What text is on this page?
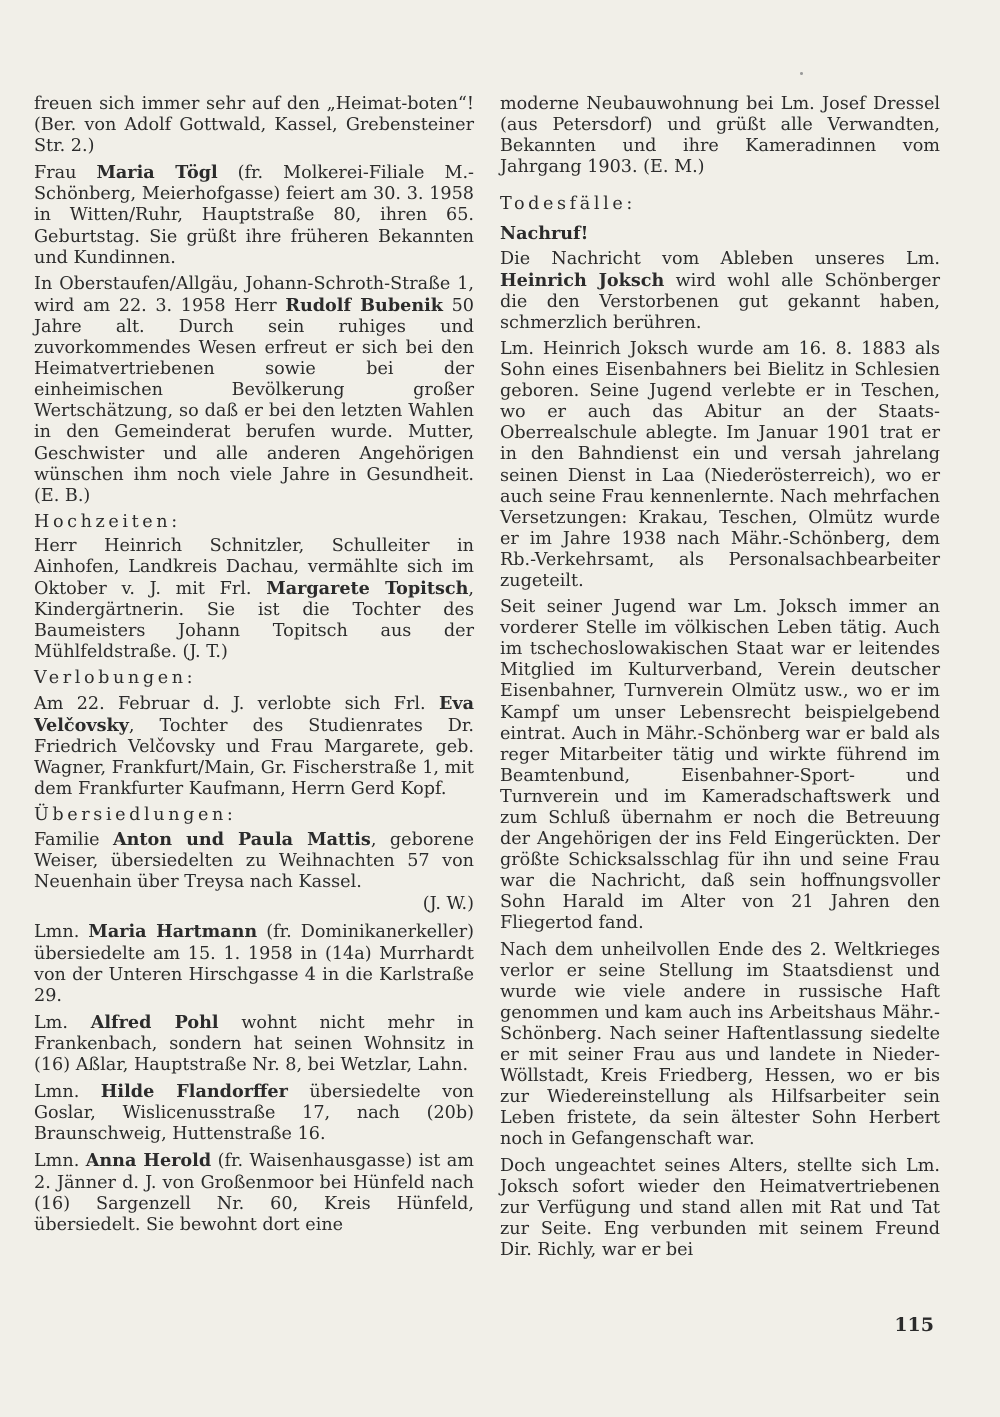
freuen sich immer sehr auf den „Heimat-boten“! (Ber. von Adolf Gottwald, Kassel, Grebensteiner Str. 2.)

Frau Maria Tögl (fr. Molkerei-Filiale M.-Schönberg, Meierhofgasse) feiert am 30. 3. 1958 in Witten/Ruhr, Hauptstraße 80, ihren 65. Geburtstag. Sie grüßt ihre früheren Bekannten und Kundinnen.

In Oberstaufen/Allgäu, Johann-Schroth-Straße 1, wird am 22. 3. 1958 Herr Rudolf Bubenik 50 Jahre alt. Durch sein ruhiges und zuvorkommendes Wesen erfreut er sich bei den Heimatvertriebenen sowie bei der einheimischen Bevölkerung großer Wertschätzung, so daß er bei den letzten Wahlen in den Gemeinderat berufen wurde. Mutter, Geschwister und alle anderen Angehörigen wünschen ihm noch viele Jahre in Gesundheit. (E. B.)

Hochzeiten:

Herr Heinrich Schnitzler, Schulleiter in Ainhofen, Landkreis Dachau, vermählte sich im Oktober v. J. mit Frl. Margarete Topitsch, Kindergärtnerin. Sie ist die Tochter des Baumeisters Johann Topitsch aus der Mühlfeldstraße. (J. T.)

Verlobungen:

Am 22. Februar d. J. verlobte sich Frl. Eva Velčovsky, Tochter des Studienrates Dr. Friedrich Velčovsky und Frau Margarete, geb. Wagner, Frankfurt/Main, Gr. Fischerstraße 1, mit dem Frankfurter Kaufmann, Herrn Gerd Kopf.

Übersiedlungen:

Familie Anton und Paula Mattis, geborene Weiser, übersiedelten zu Weihnachten 57 von Neuenhain über Treysa nach Kassel.

(J. W.)

Lmn. Maria Hartmann (fr. Dominikanerkeller) übersiedelte am 15. 1. 1958 in (14a) Murrhardt von der Unteren Hirschgasse 4 in die Karlstraße 29.

Lm. Alfred Pohl wohnt nicht mehr in Frankenbach, sondern hat seinen Wohnsitz in (16) Aßlar, Hauptstraße Nr. 8, bei Wetzlar, Lahn.

Lmn. Hilde Flandorffer übersiedelte von Goslar, Wislicenusstraße 17, nach (20b) Braunschweig, Huttenstraße 16.

Lmn. Anna Herold (fr. Waisenhausgasse) ist am 2. Jänner d. J. von Großenmoor bei Hünfeld nach (16) Sargenzell Nr. 60, Kreis Hünfeld, übersiedelt. Sie bewohnt dort eine

moderne Neubauwohnung bei Lm. Josef Dressel (aus Petersdorf) und grüßt alle Verwandten, Bekannten und ihre Kameradinnen vom Jahrgang 1903. (E. M.)

Todesfälle:

Nachruf!

Die Nachricht vom Ableben unseres Lm. Heinrich Joksch wird wohl alle Schönberger die den Verstorbenen gut gekannt haben, schmerzlich berühren.

Lm. Heinrich Joksch wurde am 16. 8. 1883 als Sohn eines Eisenbahners bei Bielitz in Schlesien geboren. Seine Jugend verlebte er in Teschen, wo er auch das Abitur an der Staats-Oberrealschule ablegte. Im Januar 1901 trat er in den Bahndienst ein und versah jahrelang seinen Dienst in Laa (Niederösterreich), wo er auch seine Frau kennenlernte. Nach mehrfachen Versetzungen: Krakau, Teschen, Olmütz wurde er im Jahre 1938 nach Mähr.-Schönberg, dem Rb.-Verkehrsamt, als Personalsachbearbeiter zugeteilt.

Seit seiner Jugend war Lm. Joksch immer an vorderer Stelle im völkischen Leben tätig. Auch im tschechoslowakischen Staat war er leitendes Mitglied im Kulturverband, Verein deutscher Eisenbahner, Turnverein Olmütz usw., wo er im Kampf um unser Lebensrecht beispielgebend eintrat. Auch in Mähr.-Schönberg war er bald als reger Mitarbeiter tätig und wirkte führend im Beamtenbund, Eisenbahner-Sport- und Turnverein und im Kameradschaftswerk und zum Schluß übernahm er noch die Betreuung der Angehörigen der ins Feld Eingerückten. Der größte Schicksalsschlag für ihn und seine Frau war die Nachricht, daß sein hoffnungsvoller Sohn Harald im Alter von 21 Jahren den Fliegertod fand.

Nach dem unheilvollen Ende des 2. Weltkrieges verlor er seine Stellung im Staatsdienst und wurde wie viele andere in russische Haft genommen und kam auch ins Arbeitshaus Mähr.-Schönberg. Nach seiner Haftentlassung siedelte er mit seiner Frau aus und landete in Nieder-Wöllstadt, Kreis Friedberg, Hessen, wo er bis zur Wiedereinstellung als Hilfsarbeiter sein Leben fristete, da sein ältester Sohn Herbert noch in Gefangenschaft war.

Doch ungeachtet seines Alters, stellte sich Lm. Joksch sofort wieder den Heimatvertriebenen zur Verfügung und stand allen mit Rat und Tat zur Seite. Eng verbunden mit seinem Freund Dir. Richly, war er bei

115
